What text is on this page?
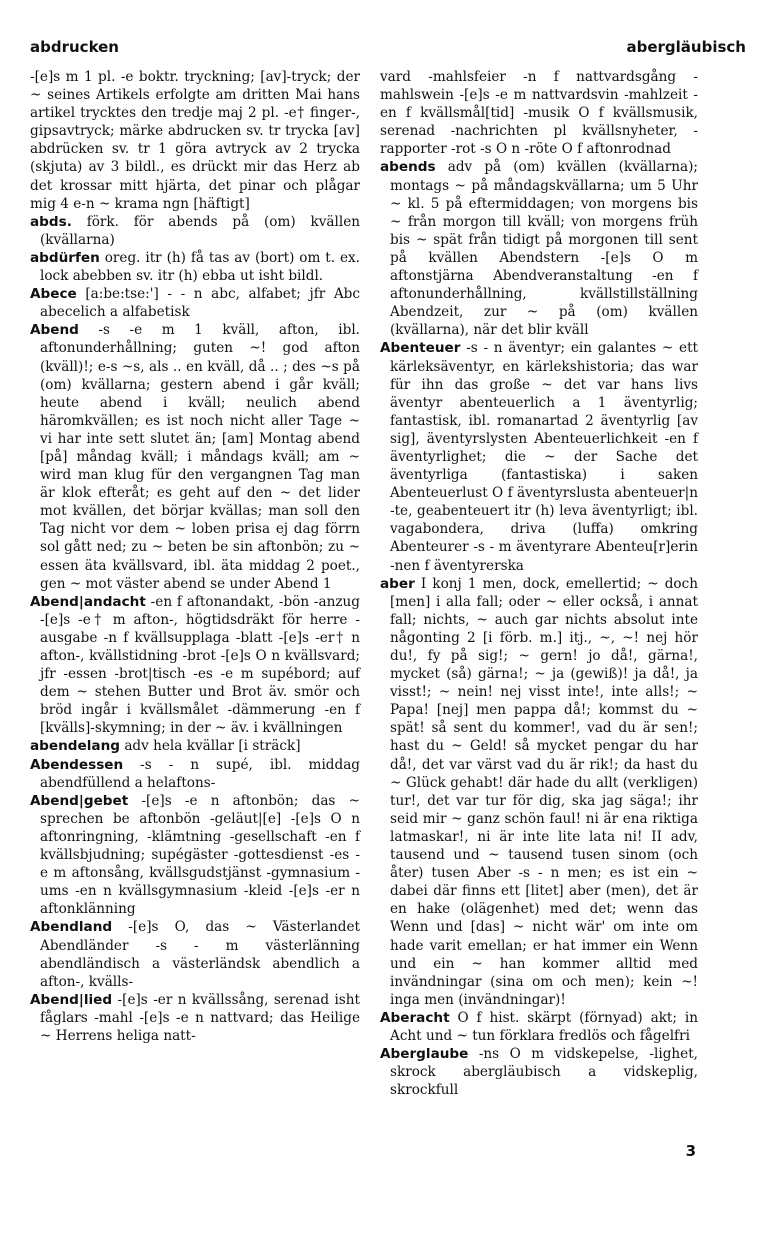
abdrucken	abergläubisch

-[e]s m 1 pl. -e boktr. tryckning; [av]-tryck; der ~ seines Artikels erfolgte am dritten Mai hans artikel trycktes den tredje maj 2 pl. -e† finger-, gipsavtryck; märke abdrucken sv. tr trycka [av] abdrücken sv. tr 1 göra avtryck av 2 trycka (skjuta) av 3 bildl., es drückt mir das Herz ab det krossar mitt hjärta, det pinar och plågar mig 4 e-n ~ krama ngn [häftigt]

abds. förk. för abends på (om) kvällen (kvällarna)

abdürfen oreg. itr (h) få tas av (bort) om t. ex. lock abebben sv. itr (h) ebba ut isht bildl.

Abece [a:be:tse:'] - - n abc, alfabet; jfr Abc abecelich a alfabetisk

Abend -s -e m 1 kväll, afton, ibl. aftonunderhållning; guten ~! god afton (kväll)!; e-s ~s, als .. en kväll, då .. ; des ~s på (om) kvällarna; gestern abend i går kväll; heute abend i kväll; neulich abend häromkvällen; es ist noch nicht aller Tage ~ vi har inte sett slutet än; [am] Montag abend [på] måndag kväll; i måndags kväll; am ~ wird man klug für den vergangnen Tag man är klok efteråt; es geht auf den ~ det lider mot kvällen, det börjar kvällas; man soll den Tag nicht vor dem ~ loben prisa ej dag förrn sol gått ned; zu ~ beten be sin aftonbön; zu ~ essen äta kvällsvard, ibl. äta middag 2 poet., gen ~ mot väster abend se under Abend 1

Abend|andacht -en f aftonandakt, -bön -anzug -[e]s -e† m afton-, högtidsdräkt för herre -ausgabe -n f kvällsupplaga -blatt -[e]s -er† n afton-, kvällstidning -brot -[e]s O n kvällsvard; jfr -essen -brot|tisch -es -e m supébord; auf dem ~ stehen Butter und Brot äv. smör och bröd ingår i kvällsmålet -dämmerung -en f [kvälls]-skymning; in der ~ äv. i kvällningen

abendelang adv hela kvällar [i sträck]

Abendessen -s - n supé, ibl. middag abendfüllend a helaftons-

Abend|gebet -[e]s -e n aftonbön; das ~ sprechen be aftonbön -geläut|[e] -[e]s O n aftonringning, -klämtning -gesellschaft -en f kvällsbjudning; supégäster -gottesdienst -es -e m aftonsång, kvällsgudstjänst -gymnasium -ums -en n kvällsgymnasium -kleid -[e]s -er n aftonklänning

Abendland -[e]s O, das ~ Västerlandet Abendländer -s - m västerlänning abendländisch a västerländsk abendlich a afton-, kvälls-

Abend|lied -[e]s -er n kvällssång, serenad isht fåglars -mahl -[e]s -e n nattvard; das Heilige ~ Herrens heliga natt-

vard -mahlsfeier -n f nattvardsgång -mahlswein -[e]s -e m nattvardsvin -mahlzeit -en f kvällsmål[tid] -musik O f kvällsmusik, serenad -nachrichten pl kvällsnyheter, -rapporter -rot -s O n -röte O f aftonrodnad

abends adv på (om) kvällen (kvällarna); montags ~ på måndagskvällarna; um 5 Uhr ~ kl. 5 på eftermiddagen; von morgens bis ~ från morgon till kväll; von morgens früh bis ~ spät från tidigt på morgonen till sent på kvällen Abendstern -[e]s O m aftonstjärna Abendveranstaltung -en f aftonunderhållning, kvällstillställning Abendzeit, zur ~ på (om) kvällen (kvällarna), när det blir kväll

Abenteuer -s - n äventyr; ein galantes ~ ett kärleksäventyr, en kärlekshistoria; das war für ihn das große ~ det var hans livs äventyr abenteuerlich a 1 äventyrlig; fantastisk, ibl. romanartad 2 äventyrlig [av sig], äventyrslysten Abenteuerlichkeit -en f äventyrlighet; die ~ der Sache det äventyrliga (fantastiska) i saken Abenteuerlust O f äventyrslusta abenteuer|n -te, geabenteuert itr (h) leva äventyrligt; ibl. vagabondera, driva (luffa) omkring Abenteurer -s - m äventyrare Abenteu[r]erin -nen f äventyrerska

aber I konj 1 men, dock, emellertid; ~ doch [men] i alla fall; oder ~ eller också, i annat fall; nichts, ~ auch gar nichts absolut inte någonting 2 [i förb. m.] itj., ~, ~! nej hör du!, fy på sig!; ~ gern! jo då!, gärna!, mycket (så) gärna!; ~ ja (gewiß)! ja då!, ja visst!; ~ nein! nej visst inte!, inte alls!; ~ Papa! [nej] men pappa då!; kommst du ~ spät! så sent du kommer!, vad du är sen!; hast du ~ Geld! så mycket pengar du har då!, det var värst vad du är rik!; da hast du ~ Glück gehabt! där hade du allt (verkligen) tur!, det var tur för dig, ska jag säga!; ihr seid mir ~ ganz schön faul! ni är ena riktiga latmaskar!, ni är inte lite lata ni! II adv, tausend und ~ tausend tusen sinom (och åter) tusen Aber -s - n men; es ist ein ~ dabei där finns ett [litet] aber (men), det är en hake (olägenhet) med det; wenn das Wenn und [das] ~ nicht wär' om inte om hade varit emellan; er hat immer ein Wenn und ein ~ han kommer alltid med invändningar (sina om och men); kein ~! inga men (invändningar)!

Aberacht O f hist. skärpt (förnyad) akt; in Acht und ~ tun förklara fredlös och fågelfri

Aberglaube -ns O m vidskepelse, -lighet, skrock abergläubisch a vidskeplig, skrockfull

3
